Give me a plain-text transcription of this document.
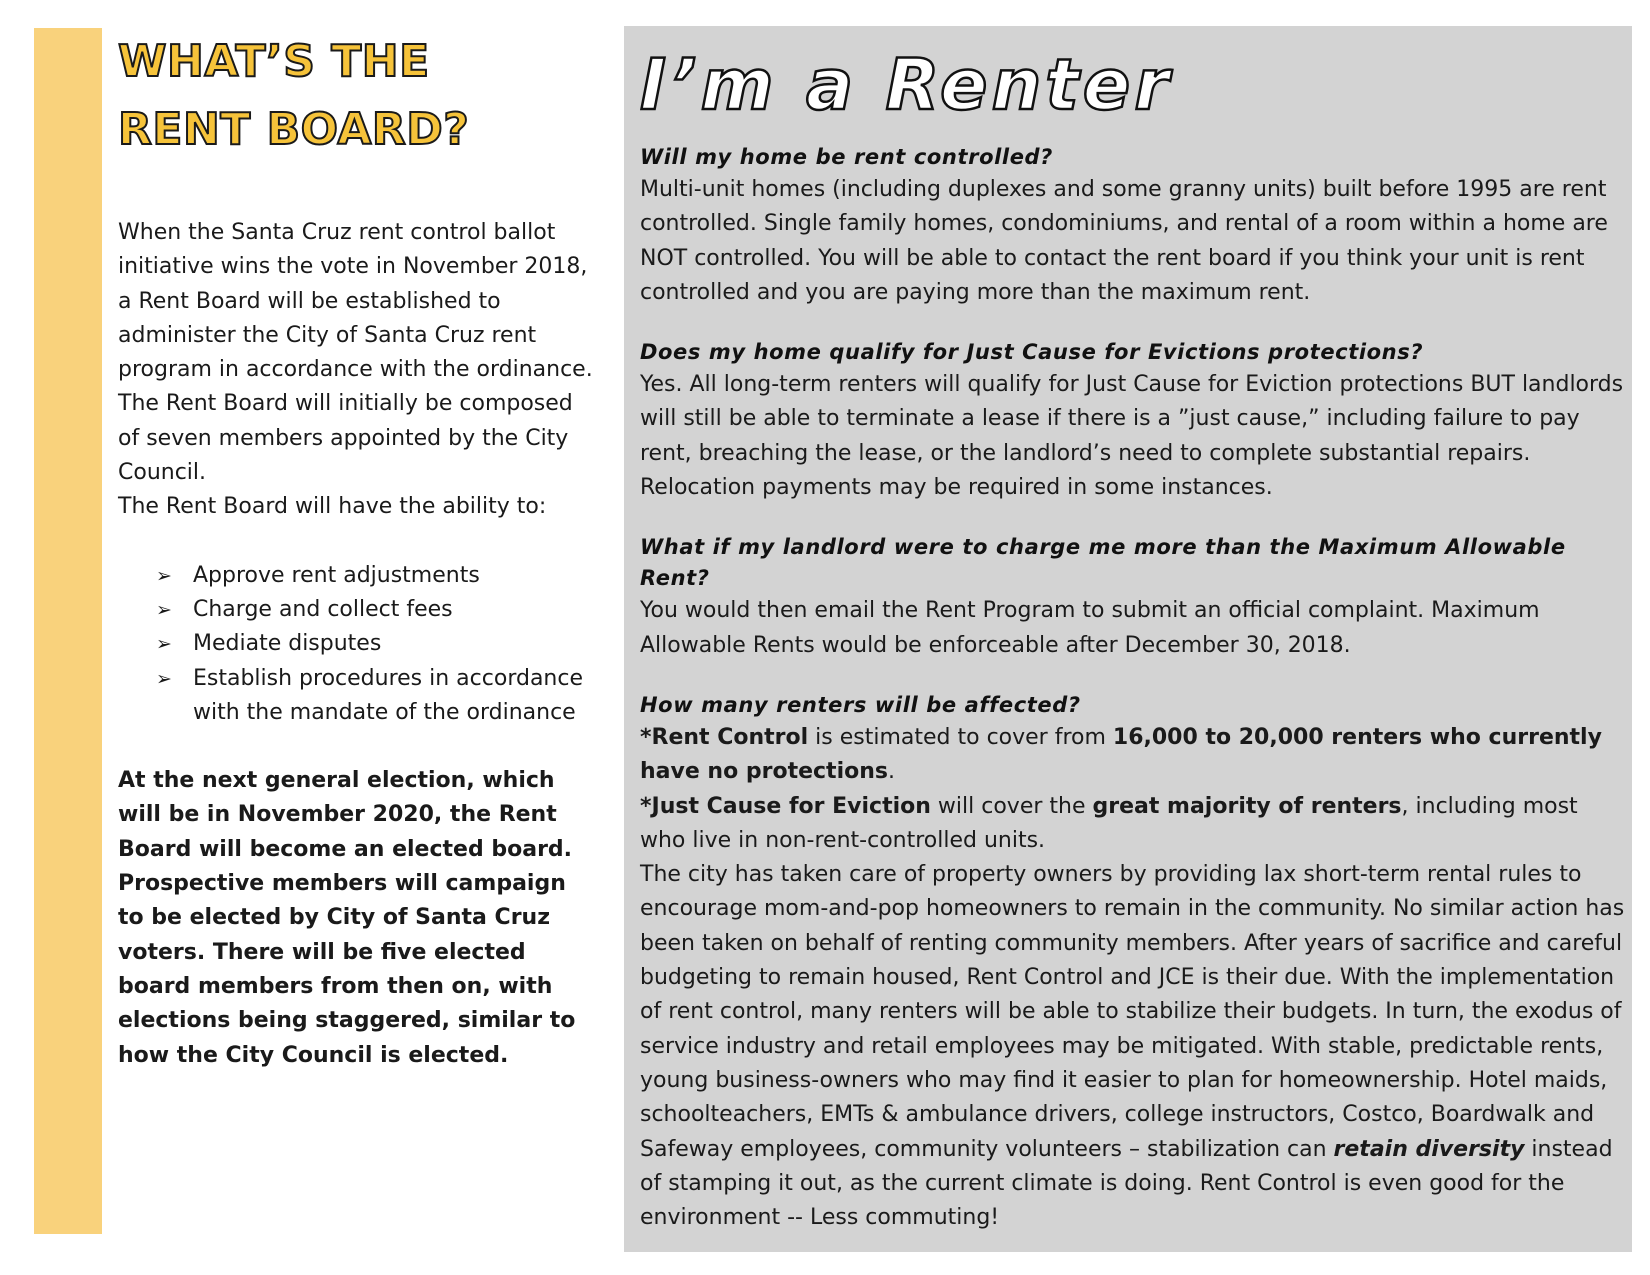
WHAT’S THE
RENT BOARD?

When the Santa Cruz rent control ballot initiative wins the vote in November 2018, a Rent Board will be established to administer the City of Santa Cruz rent program in accordance with the ordinance. The Rent Board will initially be composed of seven members appointed by the City Council.

The Rent Board will have the ability to:

➢ Approve rent adjustments
➢ Charge and collect fees
➢ Mediate disputes
➢ Establish procedures in accordance with the mandate of the ordinance

At the next general election, which will be in November 2020, the Rent Board will become an elected board. Prospective members will campaign to be elected by City of Santa Cruz voters. There will be five elected board members from then on, with elections being staggered, similar to how the City Council is elected.

I’m a Renter

Will my home be rent controlled?

Multi-unit homes (including duplexes and some granny units) built before 1995 are rent controlled. Single family homes, condominiums, and rental of a room within a home are NOT controlled. You will be able to contact the rent board if you think your unit is rent controlled and you are paying more than the maximum rent.

Does my home qualify for Just Cause for Evictions protections?

Yes. All long-term renters will qualify for Just Cause for Eviction protections BUT landlords will still be able to terminate a lease if there is a ”just cause,” including failure to pay rent, breaching the lease, or the landlord’s need to complete substantial repairs. Relocation payments may be required in some instances.

What if my landlord were to charge me more than the Maximum Allowable Rent?

You would then email the Rent Program to submit an official complaint. Maximum Allowable Rents would be enforceable after December 30, 2018.

How many renters will be affected?

*Rent Control is estimated to cover from 16,000 to 20,000 renters who currently have no protections.

*Just Cause for Eviction will cover the great majority of renters, including most who live in non-rent-controlled units.

The city has taken care of property owners by providing lax short-term rental rules to encourage mom-and-pop homeowners to remain in the community. No similar action has been taken on behalf of renting community members. After years of sacrifice and careful budgeting to remain housed, Rent Control and JCE is their due. With the implementation of rent control, many renters will be able to stabilize their budgets. In turn, the exodus of service industry and retail employees may be mitigated. With stable, predictable rents, young business-owners who may find it easier to plan for homeownership. Hotel maids, schoolteachers, EMTs & ambulance drivers, college instructors, Costco, Boardwalk and Safeway employees, community volunteers – stabilization can retain diversity instead of stamping it out, as the current climate is doing. Rent Control is even good for the environment -- Less commuting!
